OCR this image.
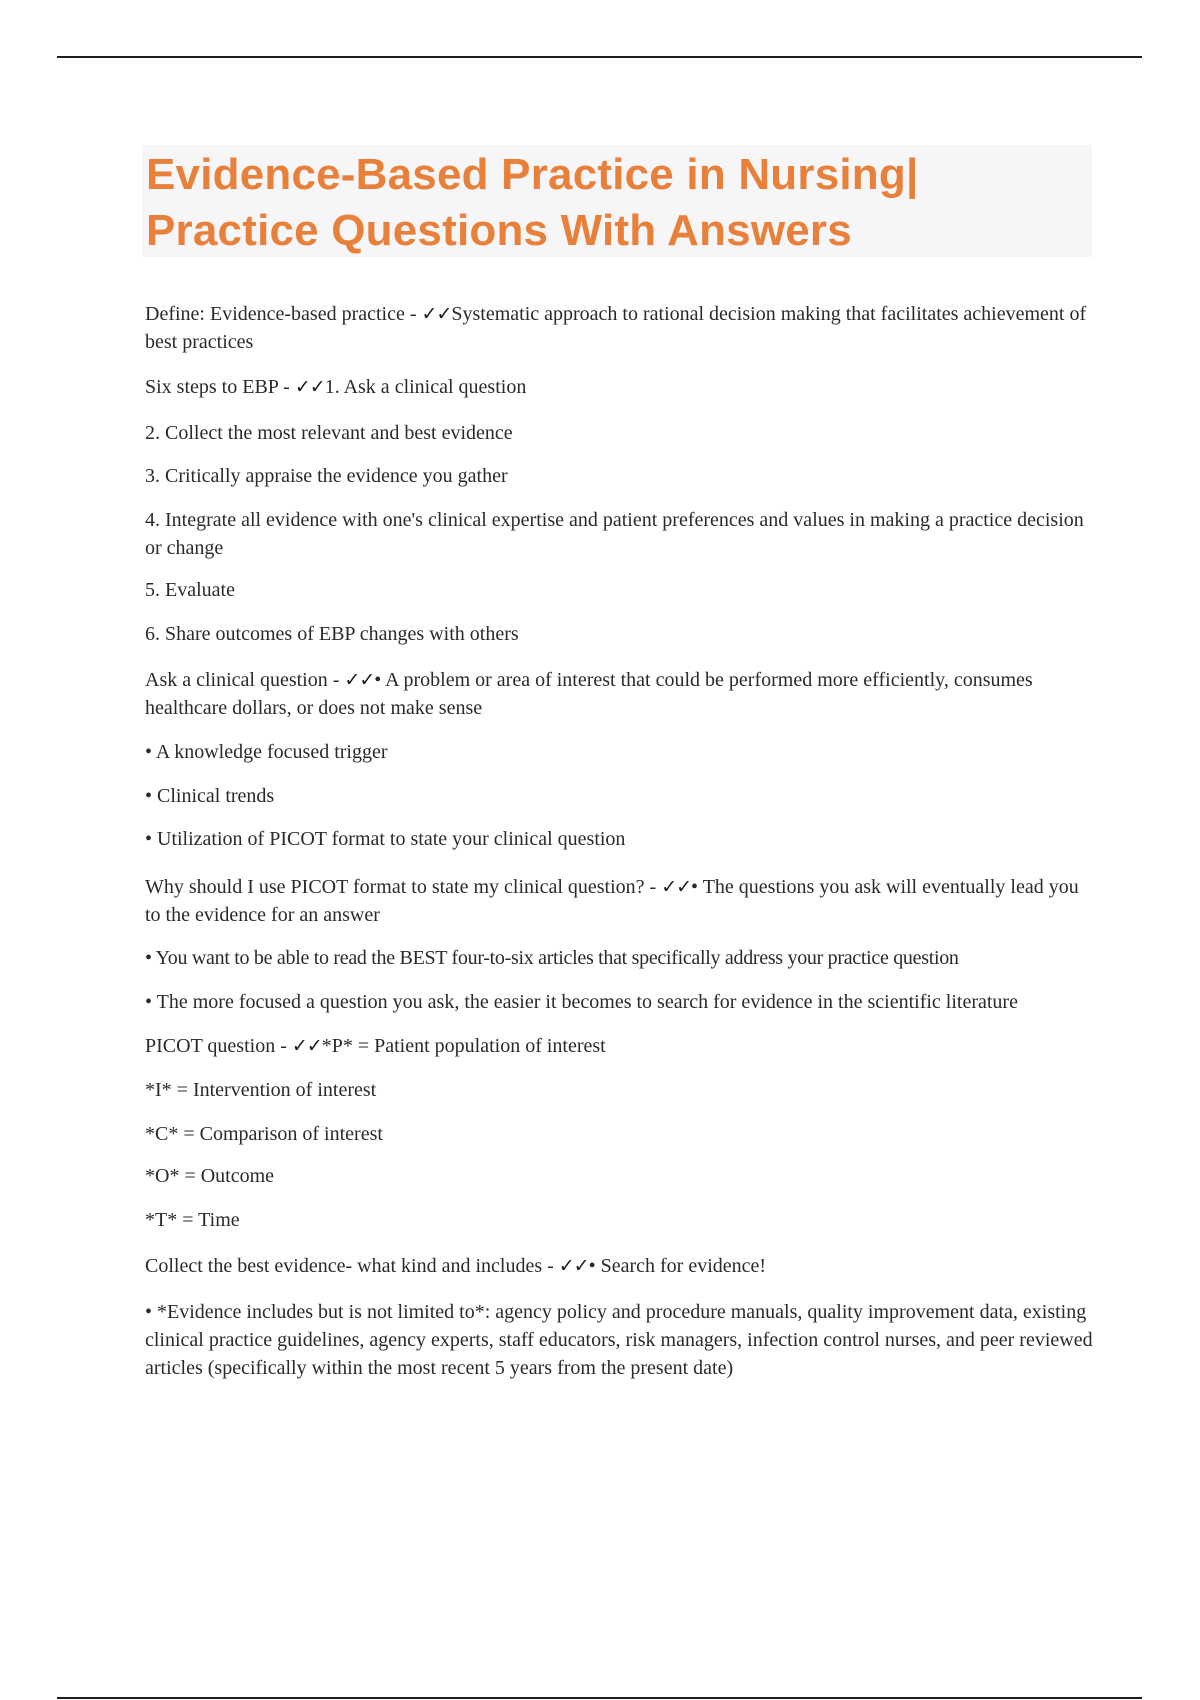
Evidence-Based Practice in Nursing|
Practice Questions With Answers

Define: Evidence-based practice - ✓✓Systematic approach to rational decision making that facilitates achievement of best practices

Six steps to EBP - ✓✓1. Ask a clinical question

2. Collect the most relevant and best evidence

3. Critically appraise the evidence you gather

4. Integrate all evidence with one's clinical expertise and patient preferences and values in making a practice decision or change

5. Evaluate

6. Share outcomes of EBP changes with others

Ask a clinical question - ✓✓• A problem or area of interest that could be performed more efficiently, consumes healthcare dollars, or does not make sense

• A knowledge focused trigger

• Clinical trends

• Utilization of PICOT format to state your clinical question

Why should I use PICOT format to state my clinical question? - ✓✓• The questions you ask will eventually lead you to the evidence for an answer

• You want to be able to read the BEST four-to-six articles that specifically address your practice question

• The more focused a question you ask, the easier it becomes to search for evidence in the scientific literature

PICOT question - ✓✓*P* = Patient population of interest

*I* = Intervention of interest

*C* = Comparison of interest

*O* = Outcome

*T* = Time

Collect the best evidence- what kind and includes - ✓✓• Search for evidence!

• *Evidence includes but is not limited to*: agency policy and procedure manuals, quality improvement data, existing clinical practice guidelines, agency experts, staff educators, risk managers, infection control nurses, and peer reviewed articles (specifically within the most recent 5 years from the present date)
